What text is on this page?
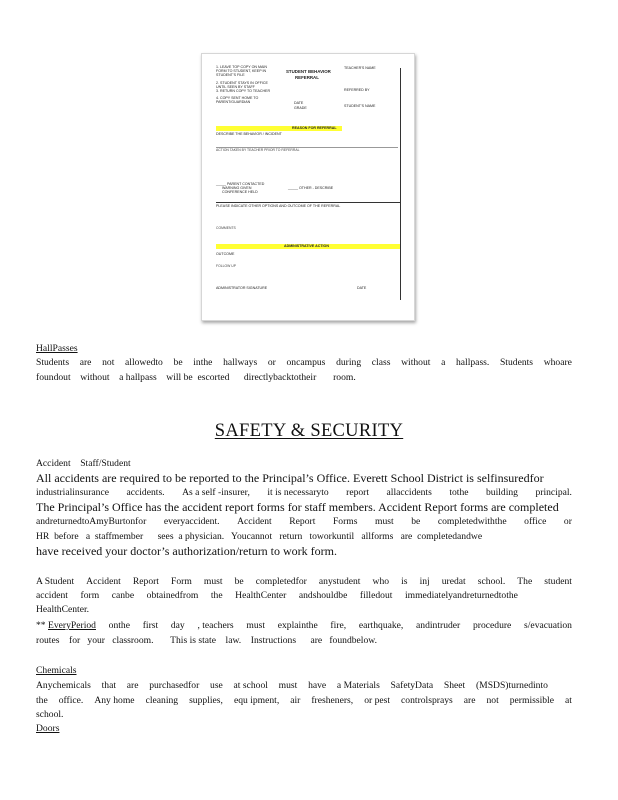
1. LEAVE TOP COPY ON MAIN
FORM TO STUDENT, KEEP IN
STUDENT'S FILE
2. STUDENT STAYS IN OFFICE
UNTIL SEEN BY STAFF
3. RETURN COPY TO TEACHER
4. COPY SENT HOME TO
PARENT/GUARDIAN
STUDENT BEHAVIOR
REFERRAL
DATE
GRADE
TEACHER'S NAME
REFERRED BY
STUDENT'S NAME
REASON FOR REFERRAL
DESCRIBE THE BEHAVIOR / INCIDENT
ACTION TAKEN BY TEACHER PRIOR TO REFERRAL
_____ PARENT CONTACTED
WARNING GIVEN
CONFERENCE HELD
_____ OTHER - DESCRIBE
PLEASE INDICATE OTHER OPTIONS AND OUTCOME OF THE REFERRAL
COMMENTS
ADMINISTRATIVE ACTION
OUTCOME
FOLLOW UP
ADMINISTRATOR SIGNATURE	DATE
HallPasses
Students are not allowedto be inthe hallways or oncampus during class without a hallpass. Students whoare
foundout    without    a hallpass    will be  escorted      directlybacktotheir       room.
SAFETY & SECURITY
Accident    Staff/Student
All accidents are required to be reported to the Principal’s Office. Everett School District is selfinsuredfor
industrialinsurance accidents. As a self -insurer, it is necessaryto report allaccidents tothe building principal.
The Principal’s Office has the accident report forms for staff members. Accident Report forms are completed
andreturnedtoAmyBurtonfor everyaccident. Accident Report Forms must be completedwiththe office or
HR  before   a  staffmember      sees  a physician.   Youcannot   return   toworkuntil   allforms   are  completedandwe
have received your doctor’s authorization/return to work form.
A Student Accident Report Form must be completedfor anystudent who is inj uredat school. The student
accident form canbe obtainedfrom the HealthCenter andshouldbe filledout immediatelyandreturnedtothe
HealthCenter.
** EveryPeriod onthe first day , teachers must explainthe fire, earthquake, andintruder procedure s/evacuation
routes    for   your   classroom.       This is state    law.    Instructions      are   foundbelow.
Chemicals
Anychemicals that are purchasedfor use at school must have a Materials SafetyData Sheet (MSDS)turnedinto
the office. Any home cleaning supplies, equ ipment, air fresheners, or pest controlsprays are not permissible at
school.
Doors
